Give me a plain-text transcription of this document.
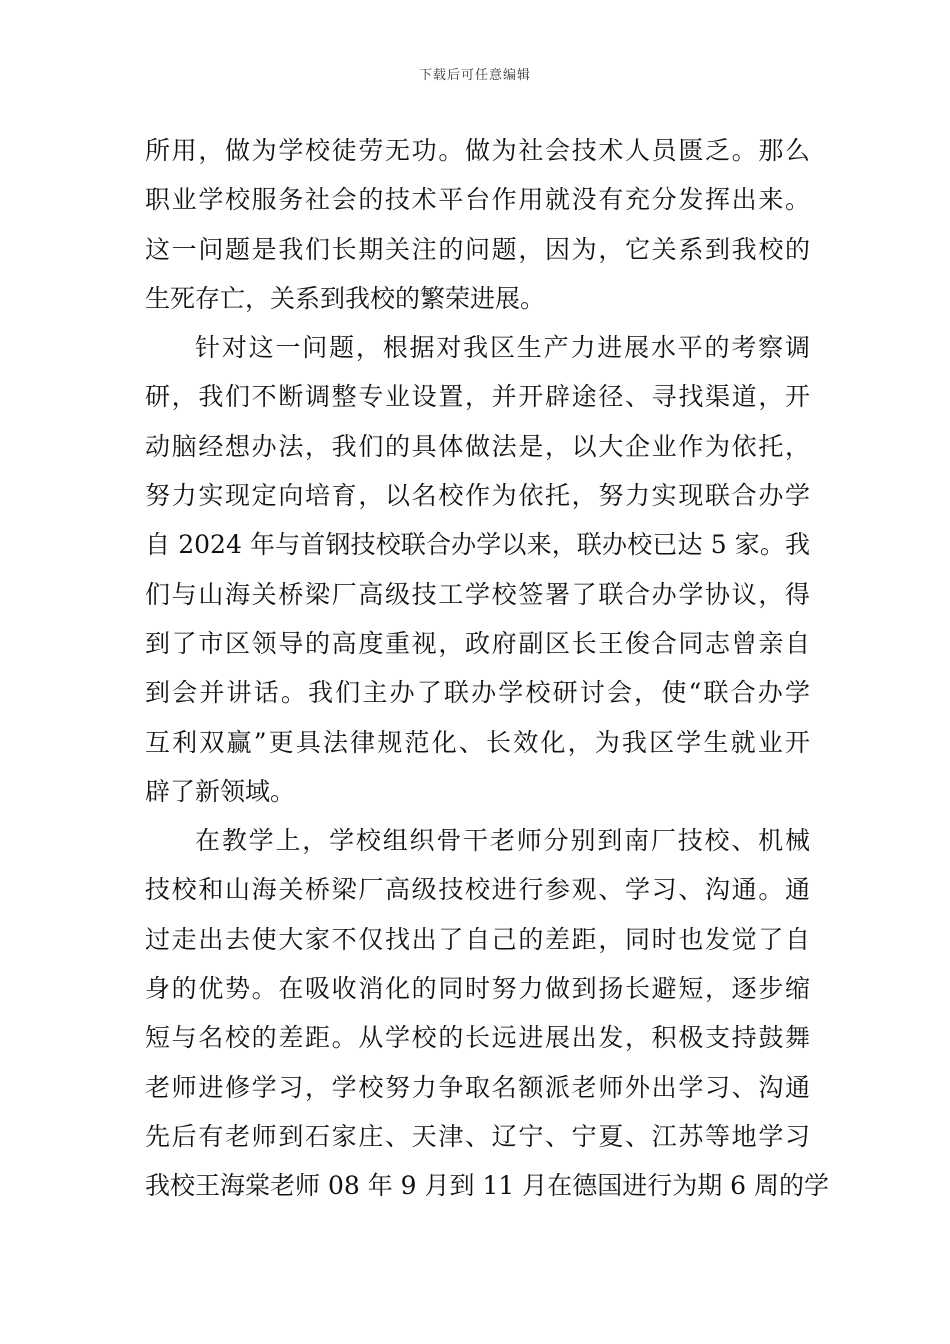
下载后可任意编辑
所用，做为学校徒劳无功。做为社会技术人员匮乏。那么
职业学校服务社会的技术平台作用就没有充分发挥出来。
这一问题是我们长期关注的问题，因为，它关系到我校的
生死存亡，关系到我校的繁荣进展。
针对这一问题，根据对我区生产力进展水平的考察调
研，我们不断调整专业设置，并开辟途径、寻找渠道，开
动脑经想办法，我们的具体做法是，以大企业作为依托，
努力实现定向培育，以名校作为依托，努力实现联合办学
自 2024 年与首钢技校联合办学以来，联办校已达 5 家。我
们与山海关桥梁厂高级技工学校签署了联合办学协议，得
到了市区领导的高度重视，政府副区长王俊合同志曾亲自
到会并讲话。我们主办了联办学校研讨会，使“联合办学
互利双赢”更具法律规范化、长效化，为我区学生就业开
辟了新领域。
在教学上，学校组织骨干老师分别到南厂技校、机械
技校和山海关桥梁厂高级技校进行参观、学习、沟通。通
过走出去使大家不仅找出了自己的差距，同时也发觉了自
身的优势。在吸收消化的同时努力做到扬长避短，逐步缩
短与名校的差距。从学校的长远进展出发，积极支持鼓舞
老师进修学习，学校努力争取名额派老师外出学习、沟通
先后有老师到石家庄、天津、辽宁、宁夏、江苏等地学习
我校王海棠老师 08 年 9 月到 11 月在德国进行为期 6 周的学
